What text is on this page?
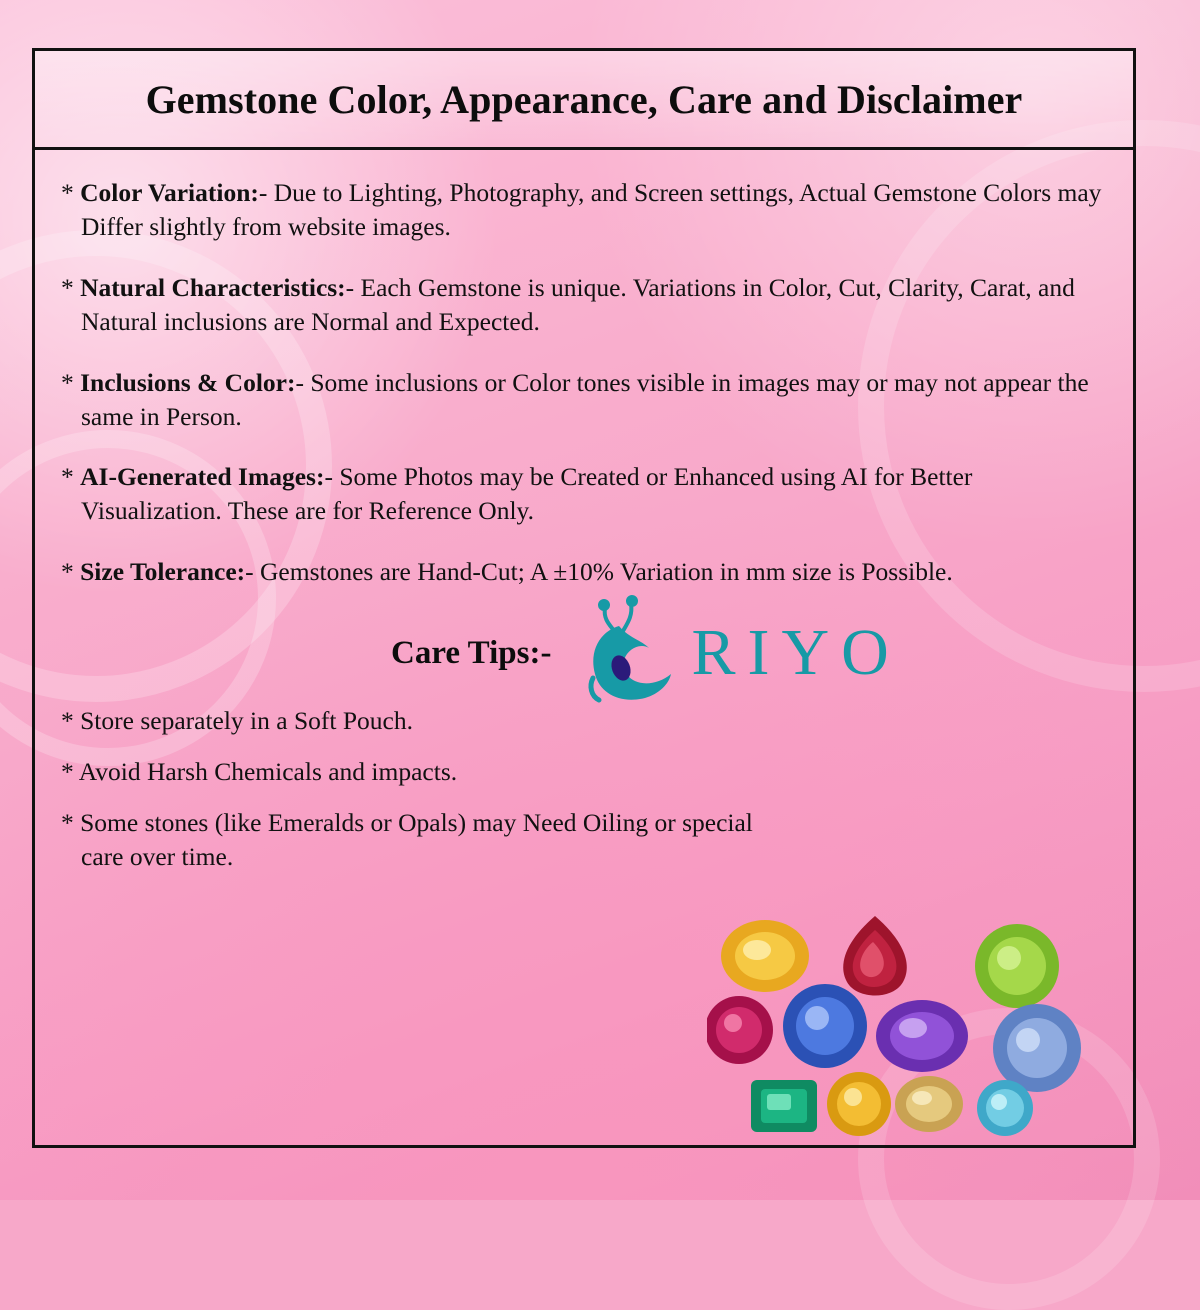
Gemstone Color, Appearance, Care and Disclaimer

* Color Variation:- Due to Lighting, Photography, and Screen settings, Actual Gemstone Colors may Differ slightly from website images.

* Natural Characteristics:- Each Gemstone is unique. Variations in Color, Cut, Clarity, Carat, and Natural inclusions are Normal and Expected.

* Inclusions & Color:- Some inclusions or Color tones visible in images may or may not appear the same in Person.

* AI-Generated Images:- Some Photos may be Created or Enhanced using AI for Better Visualization. These are for Reference Only.

* Size Tolerance:- Gemstones are Hand-Cut; A ±10% Variation in mm size is Possible.

Care Tips:- RIYO

* Store separately in a Soft Pouch.

* Avoid Harsh Chemicals and impacts.

* Some stones (like Emeralds or Opals) may Need Oiling or special care over time.
